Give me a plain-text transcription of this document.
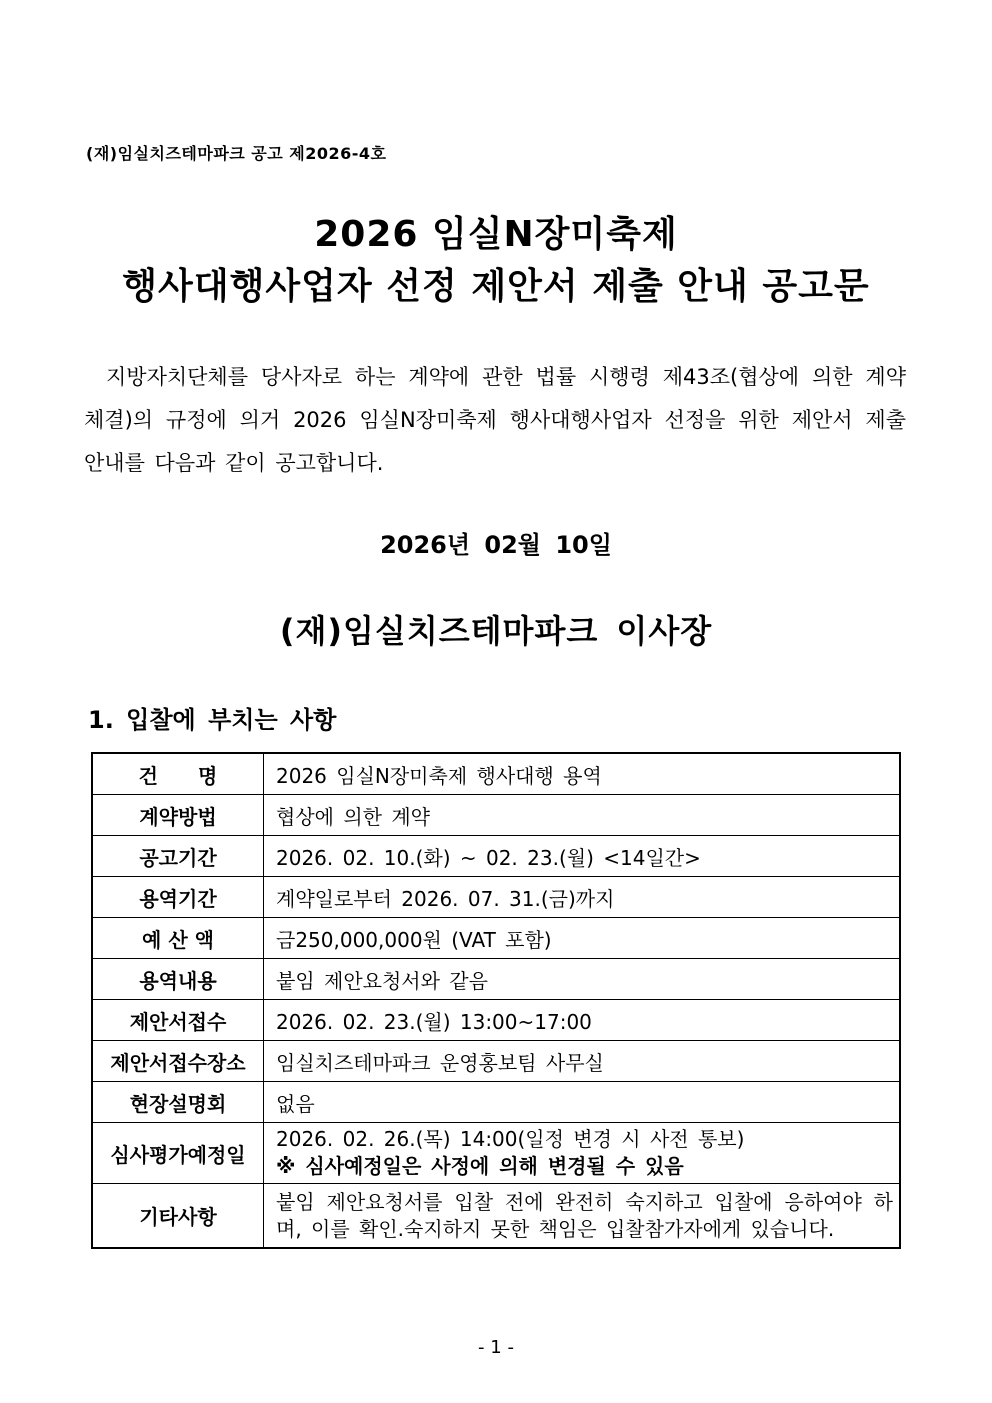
(재)임실치즈테마파크 공고 제2026-4호
2026 임실N장미축제
행사대행사업자 선정 제안서 제출 안내 공고문
지방자치단체를 당사자로 하는 계약에 관한 법률 시행령 제43조(협상에 의한 계약 체결)의 규정에 의거 2026 임실N장미축제 행사대행사업자 선정을 위한 제안서 제출 안내를 다음과 같이 공고합니다.
2026년 02월 10일
(재)임실치즈테마파크 이사장
1. 입찰에 부치는 사항
건　　명	2026 임실N장미축제 행사대행 용역
계약방법	협상에 의한 계약
공고기간	2026. 02. 10.(화) ~ 02. 23.(월) <14일간>
용역기간	계약일로부터 2026. 07. 31.(금)까지
예 산 액	금250,000,000원 (VAT 포함)
용역내용	붙임 제안요청서와 같음
제안서접수	2026. 02. 23.(월) 13:00~17:00
제안서접수장소	임실치즈테마파크 운영홍보팀 사무실
현장설명회	없음
심사평가예정일	2026. 02. 26.(목) 14:00(일정 변경 시 사전 통보)
※ 심사예정일은 사정에 의해 변경될 수 있음

기타사항	붙임 제안요청서를 입찰 전에 완전히 숙지하고 입찰에 응하여야 하며, 이를 확인.숙지하지 못한 책임은 입찰참가자에게 있습니다.
- 1 -
